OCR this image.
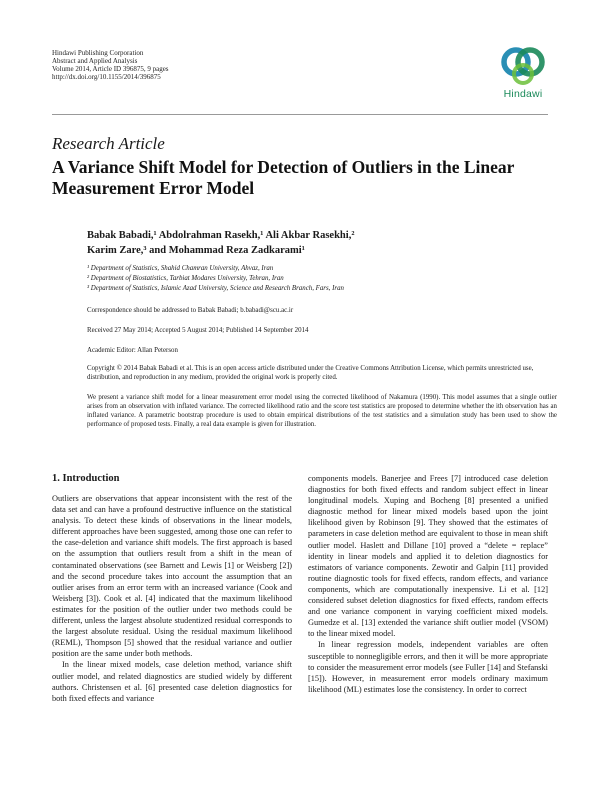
Hindawi Publishing Corporation
Abstract and Applied Analysis
Volume 2014, Article ID 396875, 9 pages
http://dx.doi.org/10.1155/2014/396875
Hindawi
Research Article
A Variance Shift Model for Detection of Outliers in the Linear Measurement Error Model
Babak Babadi,¹ Abdolrahman Rasekh,¹ Ali Akbar Rasekhi,²
Karim Zare,³ and Mohammad Reza Zadkarami¹
¹ Department of Statistics, Shahid Chamran University, Ahvaz, Iran
² Department of Biostatistics, Tarbiat Modares University, Tehran, Iran
³ Department of Statistics, Islamic Azad University, Science and Research Branch, Fars, Iran
Correspondence should be addressed to Babak Babadi; b.babadi@scu.ac.ir
Received 27 May 2014; Accepted 5 August 2014; Published 14 September 2014
Academic Editor: Allan Peterson
Copyright © 2014 Babak Babadi et al. This is an open access article distributed under the Creative Commons Attribution License, which permits unrestricted use, distribution, and reproduction in any medium, provided the original work is properly cited.
We present a variance shift model for a linear measurement error model using the corrected likelihood of Nakamura (1990). This model assumes that a single outlier arises from an observation with inflated variance. The corrected likelihood ratio and the score test statistics are proposed to determine whether the ith observation has an inflated variance. A parametric bootstrap procedure is used to obtain empirical distributions of the test statistics and a simulation study has been used to show the performance of proposed tests. Finally, a real data example is given for illustration.
1. Introduction

Outliers are observations that appear inconsistent with the rest of the data set and can have a profound destructive influence on the statistical analysis. To detect these kinds of observations in the linear models, different approaches have been suggested, among those one can refer to the case-deletion and variance shift models. The first approach is based on the assumption that outliers result from a shift in the mean of contaminated observations (see Barnett and Lewis [1] or Weisberg [2]) and the second procedure takes into account the assumption that an outlier arises from an error term with an increased variance (Cook and Weisberg [3]). Cook et al. [4] indicated that the maximum likelihood estimates for the position of the outlier under two methods could be different, unless the largest absolute studentized residual corresponds to the largest absolute residual. Using the residual maximum likelihood (REML), Thompson [5] showed that the residual variance and outlier position are the same under both methods.

In the linear mixed models, case deletion method, variance shift outlier model, and related diagnostics are studied widely by different authors. Christensen et al. [6] presented case deletion diagnostics for both fixed effects and variance

components models. Banerjee and Frees [7] introduced case deletion diagnostics for both fixed effects and random subject effect in linear longitudinal models. Xuping and Bocheng [8] presented a unified diagnostic method for linear mixed models based upon the joint likelihood given by Robinson [9]. They showed that the estimates of parameters in case deletion method are equivalent to those in mean shift outlier model. Haslett and Dillane [10] proved a “delete = replace” identity in linear models and applied it to deletion diagnostics for estimators of variance components. Zewotir and Galpin [11] provided routine diagnostic tools for fixed effects, random effects, and variance components, which are computationally inexpensive. Li et al. [12] considered subset deletion diagnostics for fixed effects, random effects and one variance component in varying coefficient mixed models. Gumedze et al. [13] extended the variance shift outlier model (VSOM) to the linear mixed model.

In linear regression models, independent variables are often susceptible to nonnegligible errors, and then it will be more appropriate to consider the measurement error models (see Fuller [14] and Stefanski [15]). However, in measurement error models ordinary maximum likelihood (ML) estimates lose the consistency. In order to correct
